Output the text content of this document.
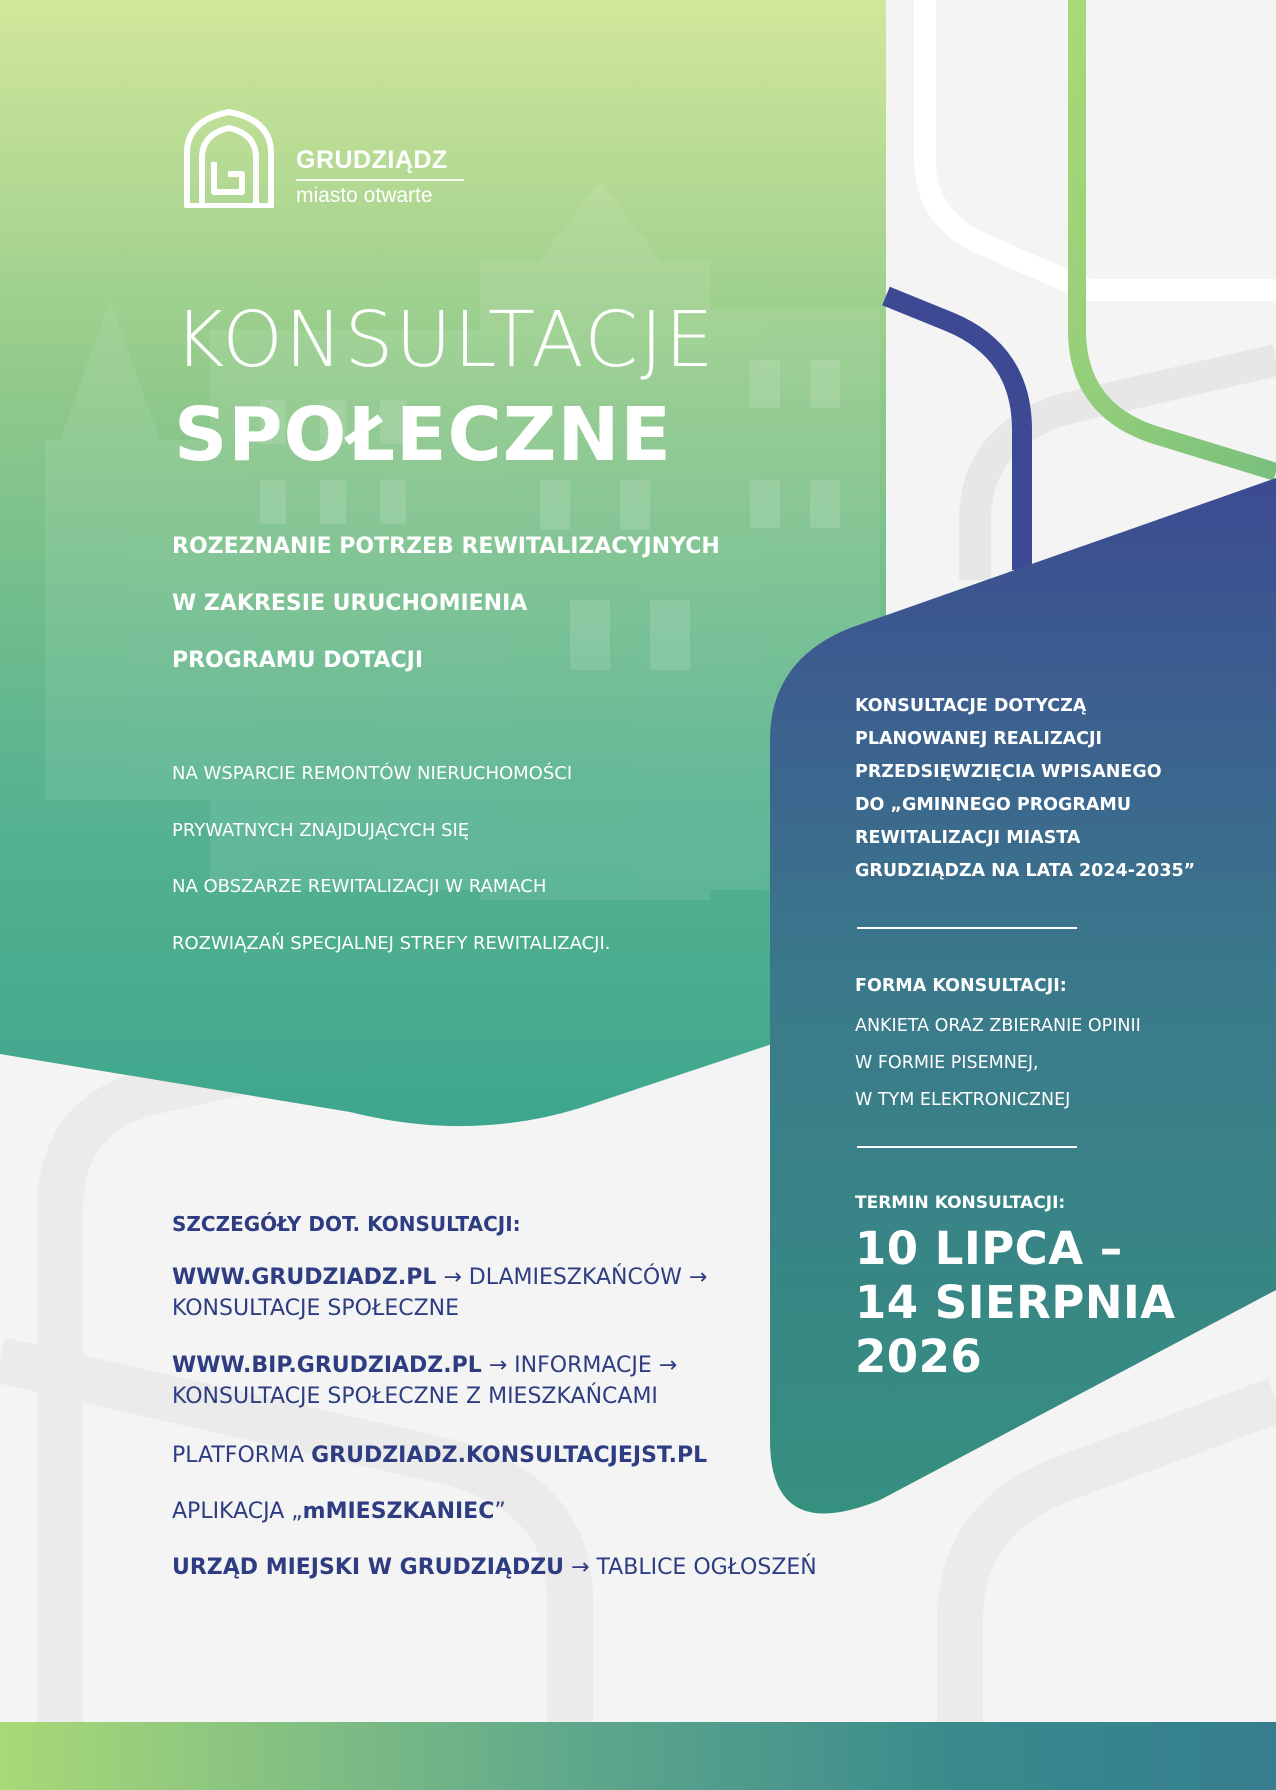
GRUDZIĄDZ
miasto otwarte
KONSULTACJE
SPOŁECZNE
ROZEZNANIE POTRZEB REWITALIZACYJNYCH
W ZAKRESIE URUCHOMIENIA
PROGRAMU DOTACJI
NA WSPARCIE REMONTÓW NIERUCHOMOŚCI
PRYWATNYCH ZNAJDUJĄCYCH SIĘ
NA OBSZARZE REWITALIZACJI W RAMACH
ROZWIĄZAŃ SPECJALNEJ STREFY REWITALIZACJI.
KONSULTACJE DOTYCZĄ
PLANOWANEJ REALIZACJI
PRZEDSIĘWZIĘCIA WPISANEGO
DO „GMINNEGO PROGRAMU
REWITALIZACJI MIASTA
GRUDZIĄDZA NA LATA 2024-2035”
FORMA KONSULTACJI:
ANKIETA ORAZ ZBIERANIE OPINII
W FORMIE PISEMNEJ,
W TYM ELEKTRONICZNEJ
TERMIN KONSULTACJI:
10 LIPCA –
14 SIERPNIA
2026
SZCZEGÓŁY DOT. KONSULTACJI:
WWW.GRUDZIADZ.PL → DLAMIESZKAŃCÓW →
KONSULTACJE SPOŁECZNE
WWW.BIP.GRUDZIADZ.PL → INFORMACJE →
KONSULTACJE SPOŁECZNE Z MIESZKAŃCAMI
PLATFORMA GRUDZIADZ.KONSULTACJEJST.PL
APLIKACJA „mMIESZKANIEC”
URZĄD MIEJSKI W GRUDZIĄDZU → TABLICE OGŁOSZEŃ
